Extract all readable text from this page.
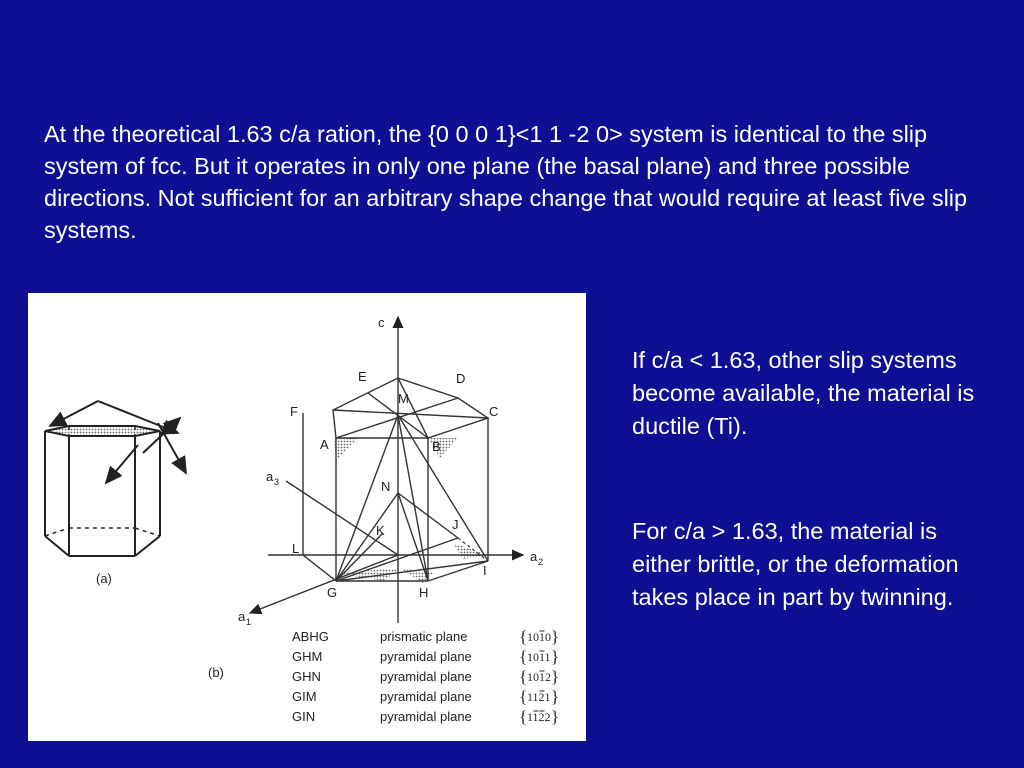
At the theoretical 1.63 c/a ration, the {0 0 0 1}<1 1 -2 0> system is identical to the slip system of fcc. But it operates in only one plane (the basal plane) and three possible directions. Not sufficient for an arbitrary shape change that would require at least five slip systems.
(a)
c
a 2
a 1
a 3
A	B
C
D
E
F
G	H
I
J
K
L
M
N
(b)
ABHG	prismatic plane	{ 1010 }
GHM	pyramidal plane	{ 1011 }
GHN	pyramidal plane	{ 1012 }
GIM	pyramidal plane	{ 1121 }
GIN	pyramidal plane	{ 1122 }
If c/a < 1.63, other slip systems become available, the material is ductile (Ti).
For c/a > 1.63, the material is either brittle, or the deformation takes place in part by twinning.
